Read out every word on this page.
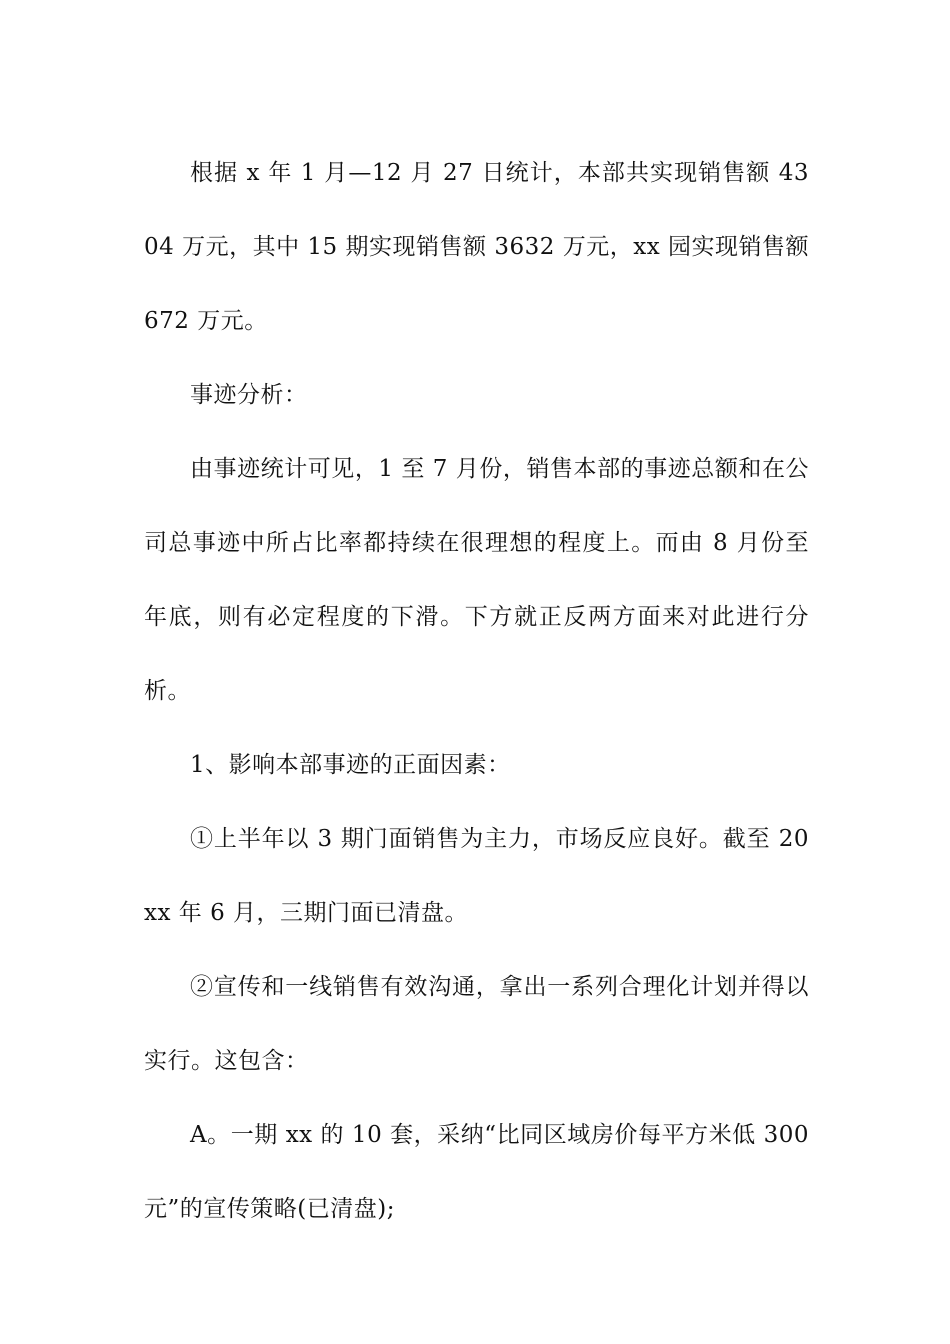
根据 x 年 1 月—12 月 27 日统计，本部共实现销售额 4304 万元，其中 15 期实现销售额 3632 万元，xx 园实现销售额 672 万元。

事迹分析：

由事迹统计可见，1 至 7 月份，销售本部的事迹总额和在公司总事迹中所占比率都持续在很理想的程度上。而由 8 月份至年底，则有必定程度的下滑。下方就正反两方面来对此进行分析。

1、影响本部事迹的正面因素：

①上半年以 3 期门面销售为主力，市场反应良好。截至 20xx 年 6 月，三期门面已清盘。

②宣传和一线销售有效沟通，拿出一系列合理化计划并得以实行。这包含：

A。一期 xx 的 10 套，采纳“比同区域房价每平方米低 300 元”的宣传策略(已清盘);
